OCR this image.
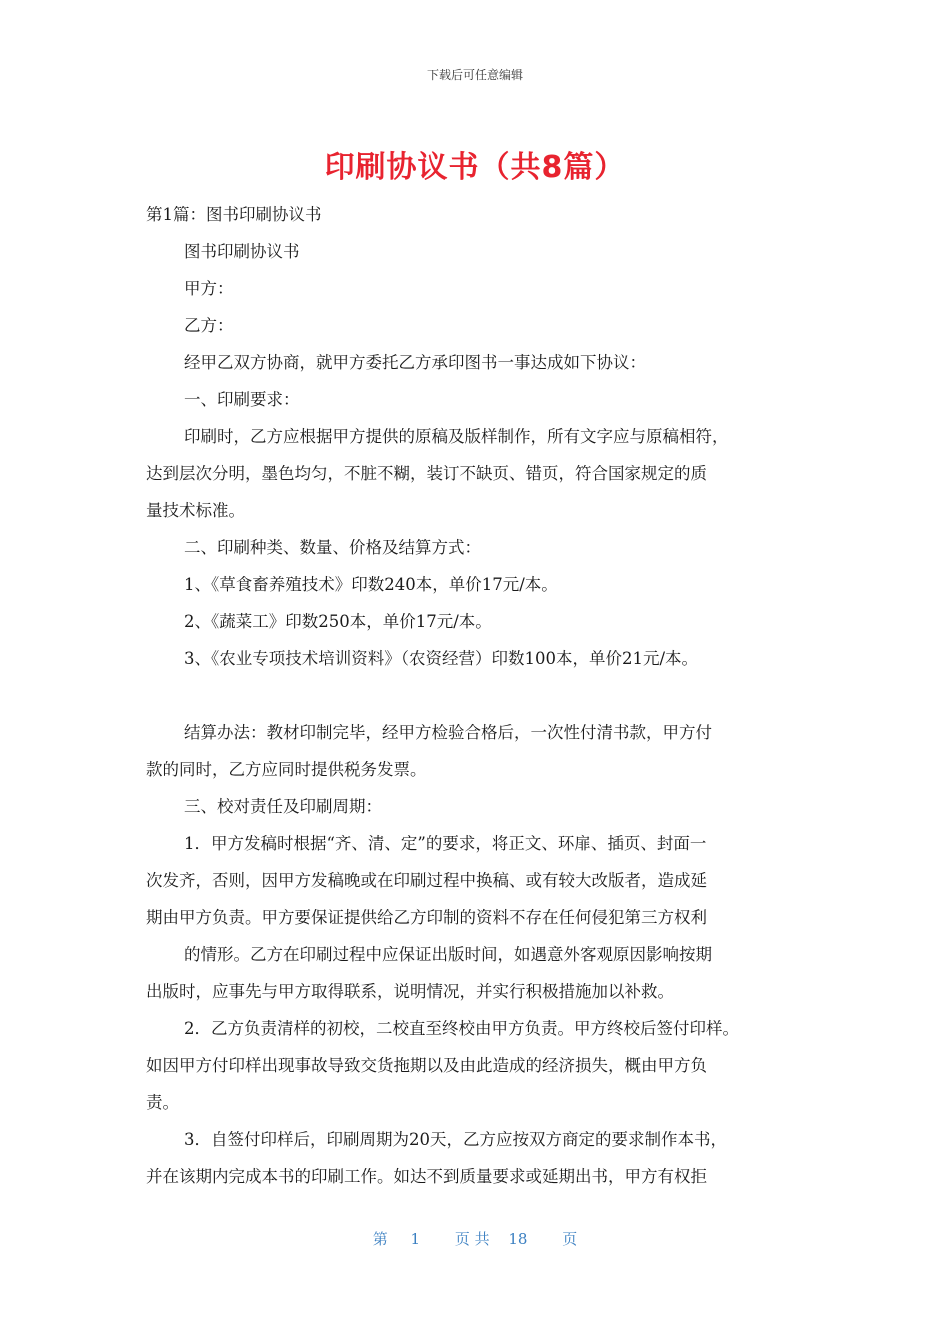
下载后可任意编辑
印刷协议书（共8篇）
第1篇：图书印刷协议书
图书印刷协议书
甲方：
乙方：
经甲乙双方协商，就甲方委托乙方承印图书一事达成如下协议：
一、印刷要求：
印刷时，乙方应根据甲方提供的原稿及版样制作，所有文字应与原稿相符，
达到层次分明，墨色均匀，不脏不糊，装订不缺页、错页，符合国家规定的质
量技术标准。
二、印刷种类、数量、价格及结算方式：
1、《草食畜养殖技术》印数240本，单价17元/本。
2、《蔬菜工》印数250本，单价17元/本。
3、《农业专项技术培训资料》（农资经营）印数100本，单价21元/本。
结算办法：教材印制完毕，经甲方检验合格后，一次性付清书款，甲方付
款的同时，乙方应同时提供税务发票。
三、校对责任及印刷周期：
1．甲方发稿时根据“齐、清、定”的要求，将正文、环扉、插页、封面一
次发齐，否则，因甲方发稿晚或在印刷过程中换稿、或有较大改版者，造成延
期由甲方负责。甲方要保证提供给乙方印制的资料不存在任何侵犯第三方权利
的情形。乙方在印刷过程中应保证出版时间，如遇意外客观原因影响按期
出版时，应事先与甲方取得联系，说明情况，并实行积极措施加以补救。
2．乙方负责清样的初校，二校直至终校由甲方负责。甲方终校后签付印样。
如因甲方付印样出现事故导致交货拖期以及由此造成的经济损失，概由甲方负
责。
3．自签付印样后，印刷周期为20天，乙方应按双方商定的要求制作本书，
并在该期内完成本书的印刷工作。如达不到质量要求或延期出书，甲方有权拒
第 1 页 共 18 页
